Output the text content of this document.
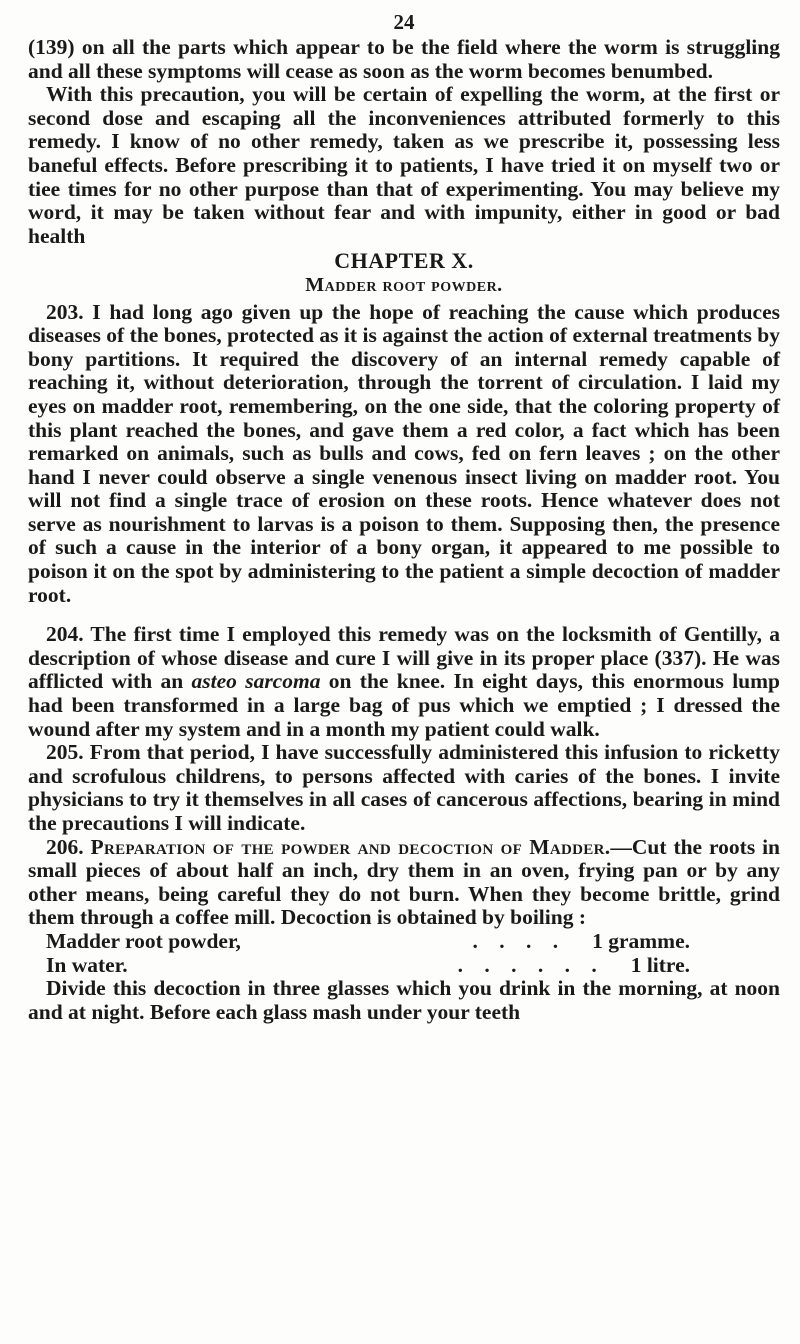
24

(139) on all the parts which appear to be the field where the worm is struggling and all these symptoms will cease as soon as the worm becomes benumbed.

With this precaution, you will be certain of expelling the worm, at the first or second dose and escaping all the inconveniences attributed formerly to this remedy. I know of no other remedy, taken as we prescribe it, possessing less baneful effects. Before prescribing it to patients, I have tried it on myself two or tiee times for no other purpose than that of experimenting. You may believe my word, it may be taken without fear and with impunity, either in good or bad health

CHAPTER X.
Madder root powder.

203. I had long ago given up the hope of reaching the cause which produces diseases of the bones, protected as it is against the action of external treatments by bony partitions. It required the discovery of an internal remedy capable of reaching it, without deterioration, through the torrent of circulation. I laid my eyes on madder root, remembering, on the one side, that the coloring property of this plant reached the bones, and gave them a red color, a fact which has been remarked on animals, such as bulls and cows, fed on fern leaves ; on the other hand I never could observe a single venenous insect living on madder root. You will not find a single trace of erosion on these roots. Hence whatever does not serve as nourishment to larvas is a poison to them. Supposing then, the presence of such a cause in the interior of a bony organ, it appeared to me possible to poison it on the spot by administering to the patient a simple decoction of madder root.

204. The first time I employed this remedy was on the locksmith of Gentilly, a description of whose disease and cure I will give in its proper place (337). He was afflicted with an asteo sarcoma on the knee. In eight days, this enormous lump had been transformed in a large bag of pus which we emptied ; I dressed the wound after my system and in a month my patient could walk.

205. From that period, I have successfully administered this infusion to ricketty and scrofulous childrens, to persons affected with caries of the bones. I invite physicians to try it themselves in all cases of cancerous affections, bearing in mind the precautions I will indicate.

206. Preparation of the powder and decoction of Madder.—Cut the roots in small pieces of about half an inch, dry them in an oven, frying pan or by any other means, being careful they do not burn. When they become brittle, grind them through a coffee mill. Decoction is obtained by boiling :

Madder root powder,	. . . .	1 gramme.
In water.	. . . . . .	1 litre.

Divide this decoction in three glasses which you drink in the morning, at noon and at night. Before each glass mash under your teeth
